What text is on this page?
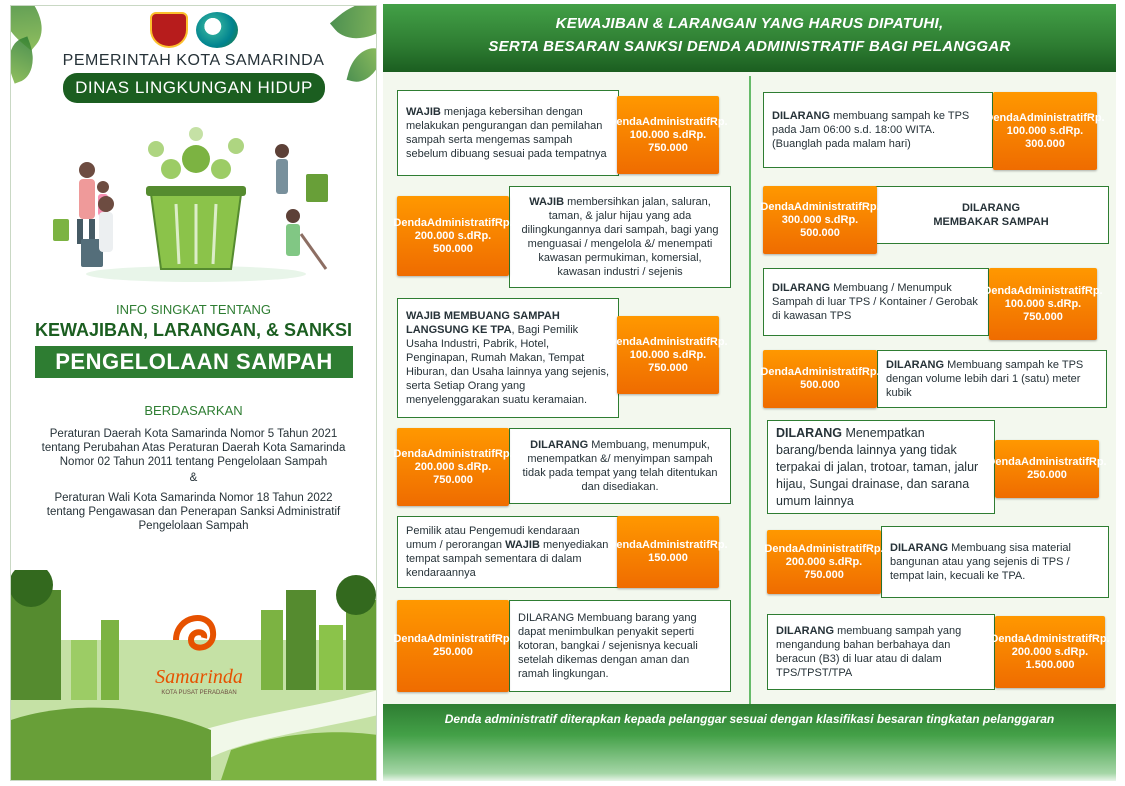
PEMERINTAH KOTA SAMARINDA
DINAS LINGKUNGAN HIDUP
INFO SINGKAT TENTANG
KEWAJIBAN, LARANGAN, & SANKSI
PENGELOLAAN SAMPAH
BERDASARKAN
Peraturan Daerah Kota Samarinda Nomor 5 Tahun 2021
tentang Perubahan Atas Peraturan Daerah Kota Samarinda
Nomor 02 Tahun 2011 tentang Pengelolaan Sampah
&
Peraturan Wali Kota Samarinda Nomor 18 Tahun 2022
tentang Pengawasan dan Penerapan Sanksi Administratif
Pengelolaan Sampah
Samarinda
KOTA PUSAT PERADABAN
KEWAJIBAN & LARANGAN YANG HARUS DIPATUHI,
SERTA BESARAN SANKSI DENDA ADMINISTRATIF BAGI PELANGGAR
WAJIB menjaga kebersihan dengan melakukan pengurangan dan pemilahan sampah serta mengemas sampah sebelum dibuang sesuai pada tempatnya
DendaAdministratifRp. 100.000 s.dRp. 750.000
WAJIB membersihkan jalan, saluran, taman, & jalur hijau yang ada dilingkungannya dari sampah, bagi yang menguasai / mengelola &/ menempati kawasan permukiman, komersial, kawasan industri / sejenis
DendaAdministratifRp. 200.000 s.dRp. 500.000
WAJIB MEMBUANG SAMPAH LANGSUNG KE TPA, Bagi Pemilik Usaha Industri, Pabrik, Hotel, Penginapan, Rumah Makan, Tempat Hiburan, dan Usaha lainnya yang sejenis, serta Setiap Orang yang menyelenggarakan suatu keramaian.
DendaAdministratifRp. 100.000 s.dRp. 750.000
DILARANG Membuang, menumpuk, menempatkan &/ menyimpan sampah tidak pada tempat yang telah ditentukan dan disediakan.
DendaAdministratifRp. 200.000 s.dRp. 750.000
Pemilik atau Pengemudi kendaraan umum / perorangan WAJIB menyediakan tempat sampah sementara di dalam kendaraannya
DendaAdministratifRp. 150.000
DILARANG Membuang barang yang dapat menimbulkan penyakit seperti kotoran, bangkai / sejenisnya kecuali setelah dikemas dengan aman dan ramah lingkungan.
DendaAdministratifRp. 250.000
DILARANG membuang sampah ke TPS pada Jam 06:00 s.d. 18:00 WITA. (Buanglah pada malam hari)
DendaAdministratifRp. 100.000 s.dRp. 300.000
DILARANG
MEMBAKAR SAMPAH
DendaAdministratifRp. 300.000 s.dRp. 500.000
DILARANG Membuang / Menumpuk Sampah di luar TPS / Kontainer / Gerobak di kawasan TPS
DendaAdministratifRp. 100.000 s.dRp. 750.000
DILARANG Membuang sampah ke TPS dengan volume lebih dari 1 (satu) meter kubik
DendaAdministratifRp. 500.000
DILARANG Menempatkan barang/benda lainnya yang tidak terpakai di jalan, trotoar, taman, jalur hijau, Sungai drainase, dan sarana umum lainnya
DendaAdministratifRp. 250.000
DILARANG Membuang sisa material bangunan atau yang sejenis di TPS / tempat lain, kecuali ke TPA.
DendaAdministratifRp. 200.000 s.dRp. 750.000
DILARANG membuang sampah yang mengandung bahan berbahaya dan beracun (B3) di luar atau di dalam TPS/TPST/TPA
DendaAdministratifRp. 200.000 s.dRp. 1.500.000
Denda administratif diterapkan kepada pelanggar sesuai dengan klasifikasi besaran tingkatan pelanggaran
